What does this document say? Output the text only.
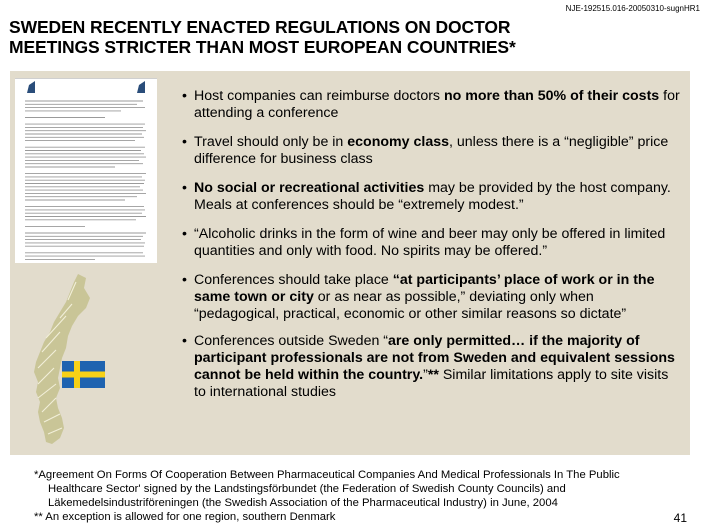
NJE-192515.016-20050310-sugnHR1
SWEDEN RECENTLY ENACTED REGULATIONS ON DOCTOR
MEETINGS STRICTER THAN MOST EUROPEAN COUNTRIES*
• Host companies can reimburse doctors no more than 50% of their costs for attending a conference
• Travel should only be in economy class, unless there is a “negligible” price difference for business class
• No social or recreational activities may be provided by the host company. Meals at conferences should be “extremely modest.”
• “Alcoholic drinks in the form of wine and beer may only be offered in limited quantities and only with food. No spirits may be offered.”
• Conferences should take place “at participants’ place of work or in the same town or city or as near as possible,” deviating only when “pedagogical, practical, economic or other similar reasons so dictate”
• Conferences outside Sweden “are only permitted… if the majority of participant professionals are not from Sweden and equivalent sessions cannot be held within the country.”** Similar limitations apply to site visits to international studies
*Agreement On Forms Of Cooperation Between Pharmaceutical Companies And Medical Professionals In The Public Healthcare Sector' signed by the Landstingsförbundet (the Federation of Swedish County Councils) and Läkemedelsindustriföreningen (the Swedish Association of the Pharmaceutical Industry) in June, 2004
** An exception is allowed for one region, southern Denmark	41
